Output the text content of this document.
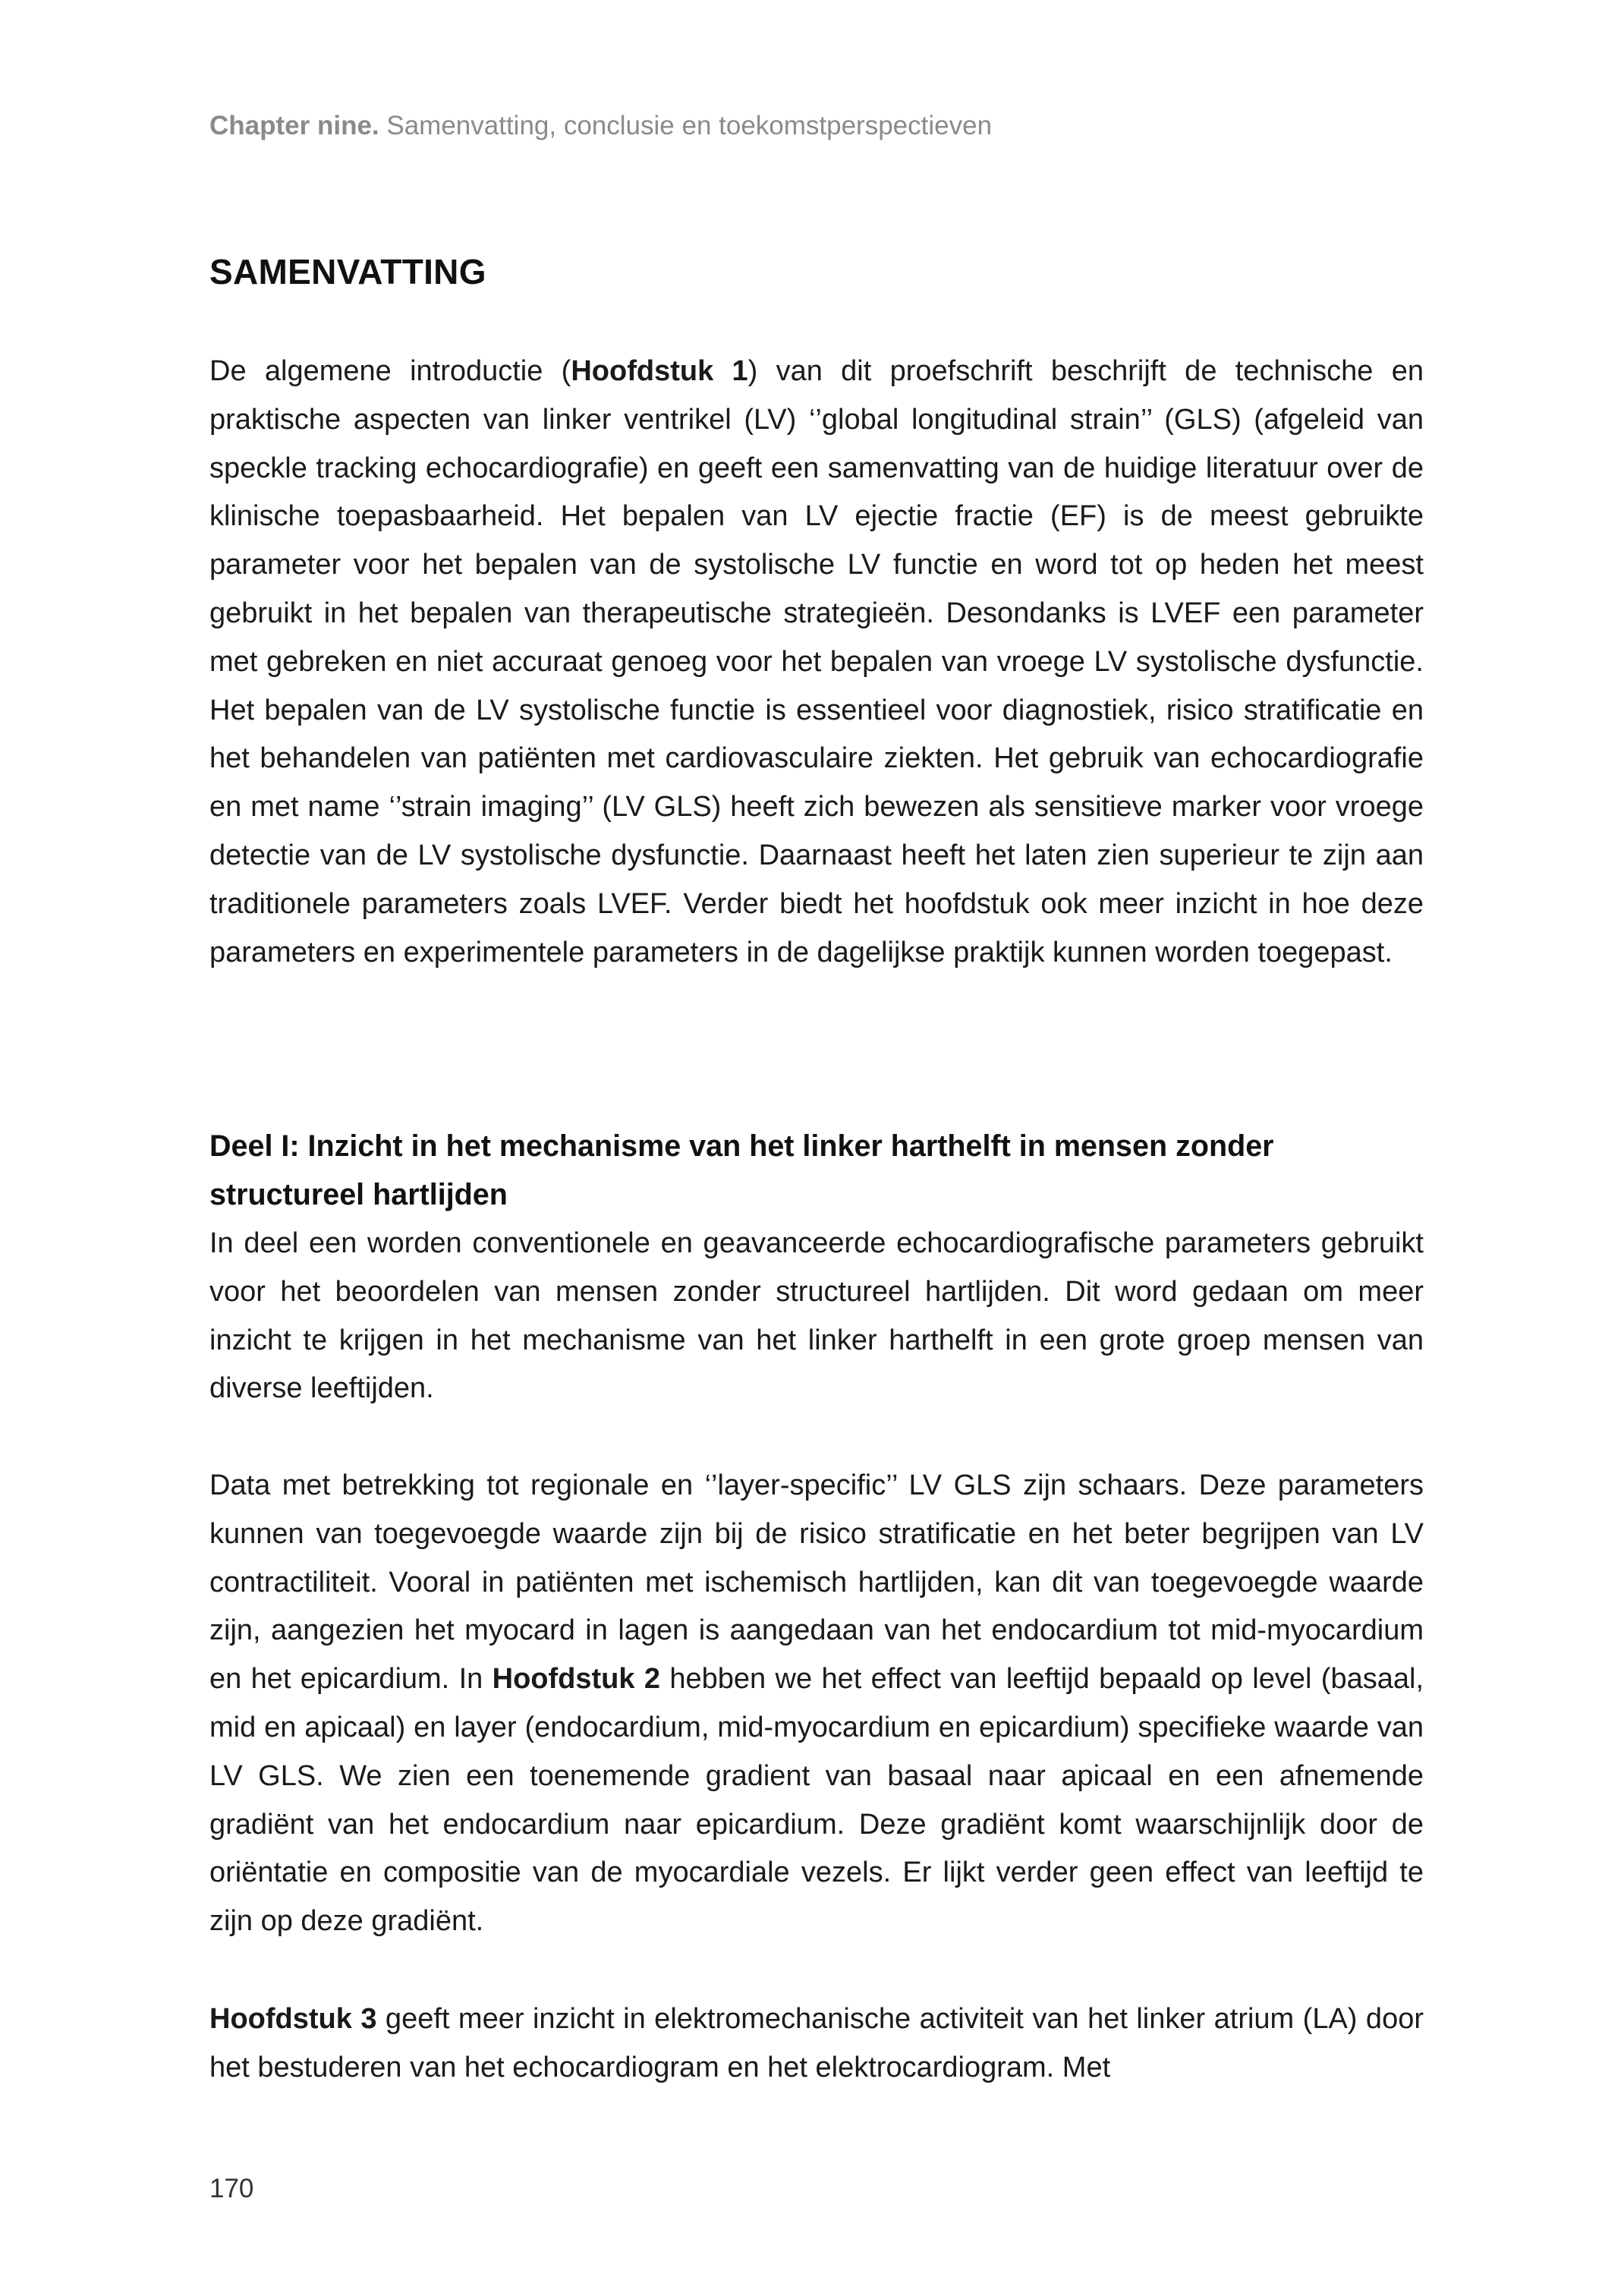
Chapter nine. Samenvatting, conclusie en toekomstperspectieven
SAMENVATTING

De algemene introductie (Hoofdstuk 1) van dit proefschrift beschrijft de technische en praktische aspecten van linker ventrikel (LV) ‘’global longitudinal strain’’ (GLS) (afgeleid van speckle tracking echocardiografie) en geeft een samenvatting van de huidige literatuur over de klinische toepasbaarheid. Het bepalen van LV ejectie fractie (EF) is de meest gebruikte parameter voor het bepalen van de systolische LV functie en word tot op heden het meest gebruikt in het bepalen van therapeutische strategieën. Desondanks is LVEF een parameter met gebreken en niet accuraat genoeg voor het bepalen van vroege LV systolische dysfunctie. Het bepalen van de LV systolische functie is essentieel voor diagnostiek, risico stratificatie en het behandelen van patiënten met cardiovasculaire ziekten. Het gebruik van echocardiografie en met name ‘’strain imaging’’ (LV GLS) heeft zich bewezen als sensitieve marker voor vroege detectie van de LV systolische dysfunctie. Daarnaast heeft het laten zien superieur te zijn aan traditionele parameters zoals LVEF. Verder biedt het hoofdstuk ook meer inzicht in hoe deze parameters en experimentele parameters in de dagelijkse praktijk kunnen worden toegepast.

Deel I: Inzicht in het mechanisme van het linker harthelft in mensen zonder structureel hartlijden

In deel een worden conventionele en geavanceerde echocardiografische parameters gebruikt voor het beoordelen van mensen zonder structureel hartlijden. Dit word gedaan om meer inzicht te krijgen in het mechanisme van het linker harthelft in een grote groep mensen van diverse leeftijden.

Data met betrekking tot regionale en ‘’layer-specific’’ LV GLS zijn schaars. Deze parameters kunnen van toegevoegde waarde zijn bij de risico stratificatie en het beter begrijpen van LV contractiliteit. Vooral in patiënten met ischemisch hartlijden, kan dit van toegevoegde waarde zijn, aangezien het myocard in lagen is aangedaan van het endocardium tot mid-myocardium en het epicardium. In Hoofdstuk 2 hebben we het effect van leeftijd bepaald op level (basaal, mid en apicaal) en layer (endocardium, mid-myocardium en epicardium) specifieke waarde van LV GLS. We zien een toenemende gradient van basaal naar apicaal en een afnemende gradiënt van het endocardium naar epicardium. Deze gradiënt komt waarschijnlijk door de oriëntatie en compositie van de myocardiale vezels. Er lijkt verder geen effect van leeftijd te zijn op deze gradiënt.

Hoofdstuk 3 geeft meer inzicht in elektromechanische activiteit van het linker atrium (LA) door het bestuderen van het echocardiogram en het elektrocardiogram. Met

170
